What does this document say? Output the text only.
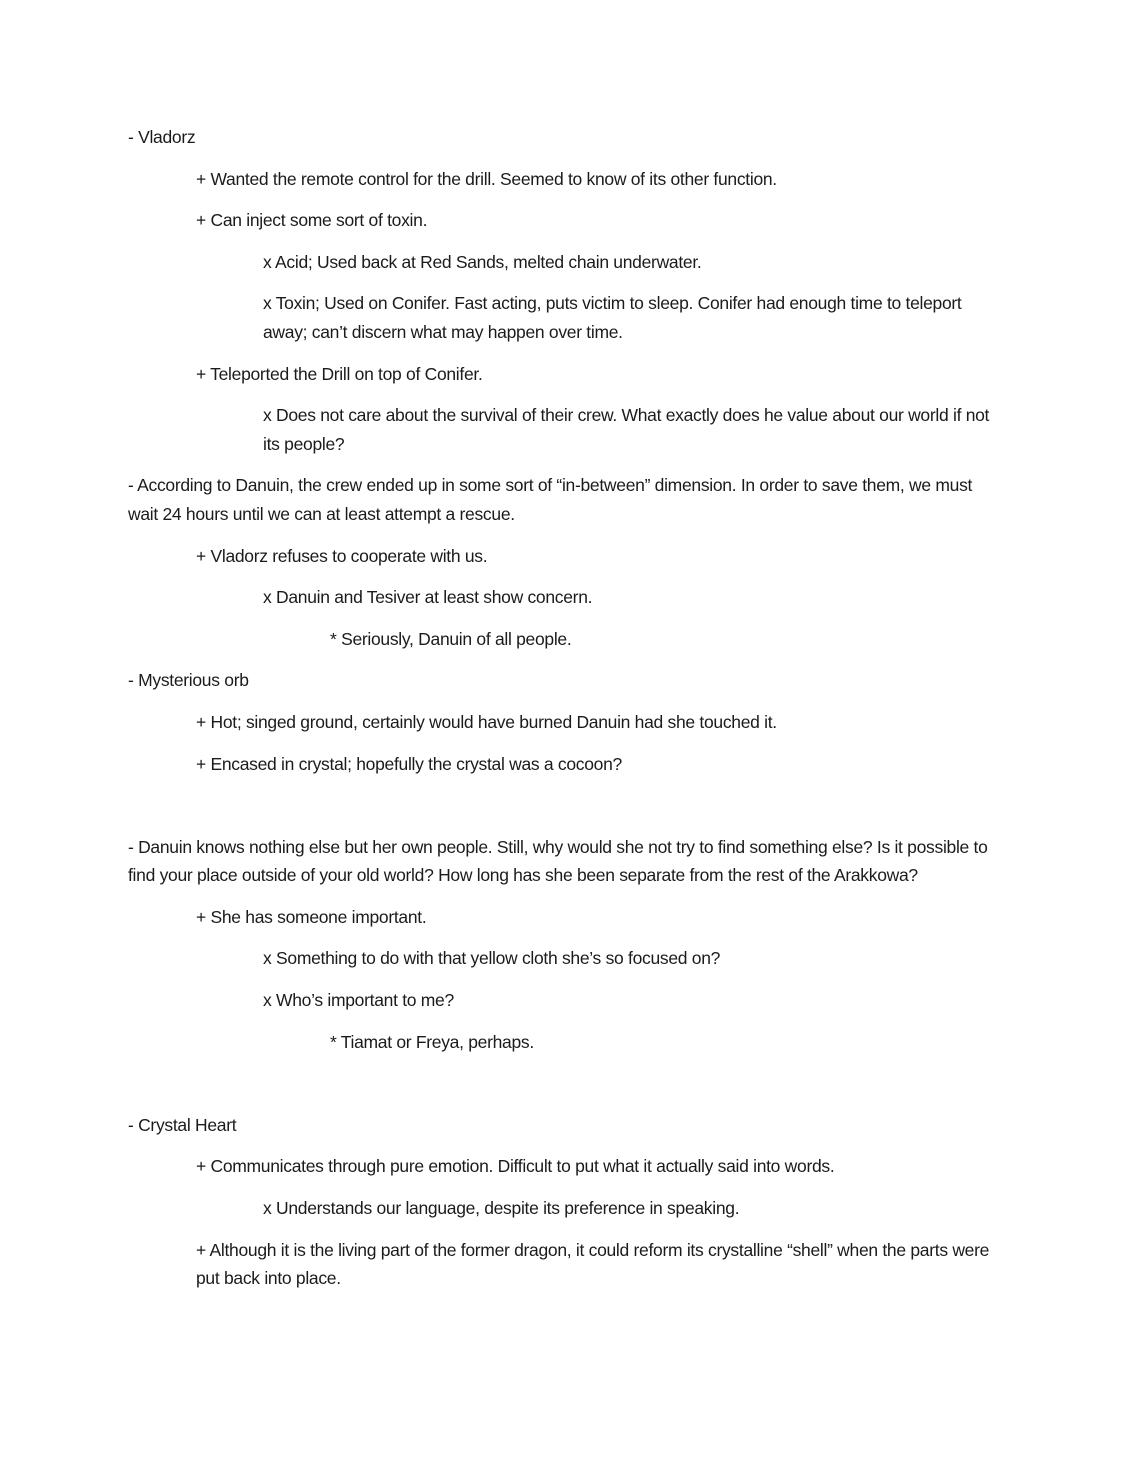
- Vladorz

+ Wanted the remote control for the drill. Seemed to know of its other function.

+ Can inject some sort of toxin.

x Acid; Used back at Red Sands, melted chain underwater.

x Toxin; Used on Conifer. Fast acting, puts victim to sleep. Conifer had enough time to teleport away; can’t discern what may happen over time.

+ Teleported the Drill on top of Conifer.

x Does not care about the survival of their crew. What exactly does he value about our world if not its people?

- According to Danuin, the crew ended up in some sort of “in-between” dimension. In order to save them, we must wait 24 hours until we can at least attempt a rescue.

+ Vladorz refuses to cooperate with us.

x Danuin and Tesiver at least show concern.

* Seriously, Danuin of all people.

- Mysterious orb

+ Hot; singed ground, certainly would have burned Danuin had she touched it.

+ Encased in crystal; hopefully the crystal was a cocoon?

- Danuin knows nothing else but her own people. Still, why would she not try to find something else? Is it possible to find your place outside of your old world? How long has she been separate from the rest of the Arakkowa?

+ She has someone important.

x Something to do with that yellow cloth she’s so focused on?

x Who’s important to me?

* Tiamat or Freya, perhaps.

- Crystal Heart

+ Communicates through pure emotion. Difficult to put what it actually said into words.

x Understands our language, despite its preference in speaking.

+ Although it is the living part of the former dragon, it could reform its crystalline “shell” when the parts were put back into place.
